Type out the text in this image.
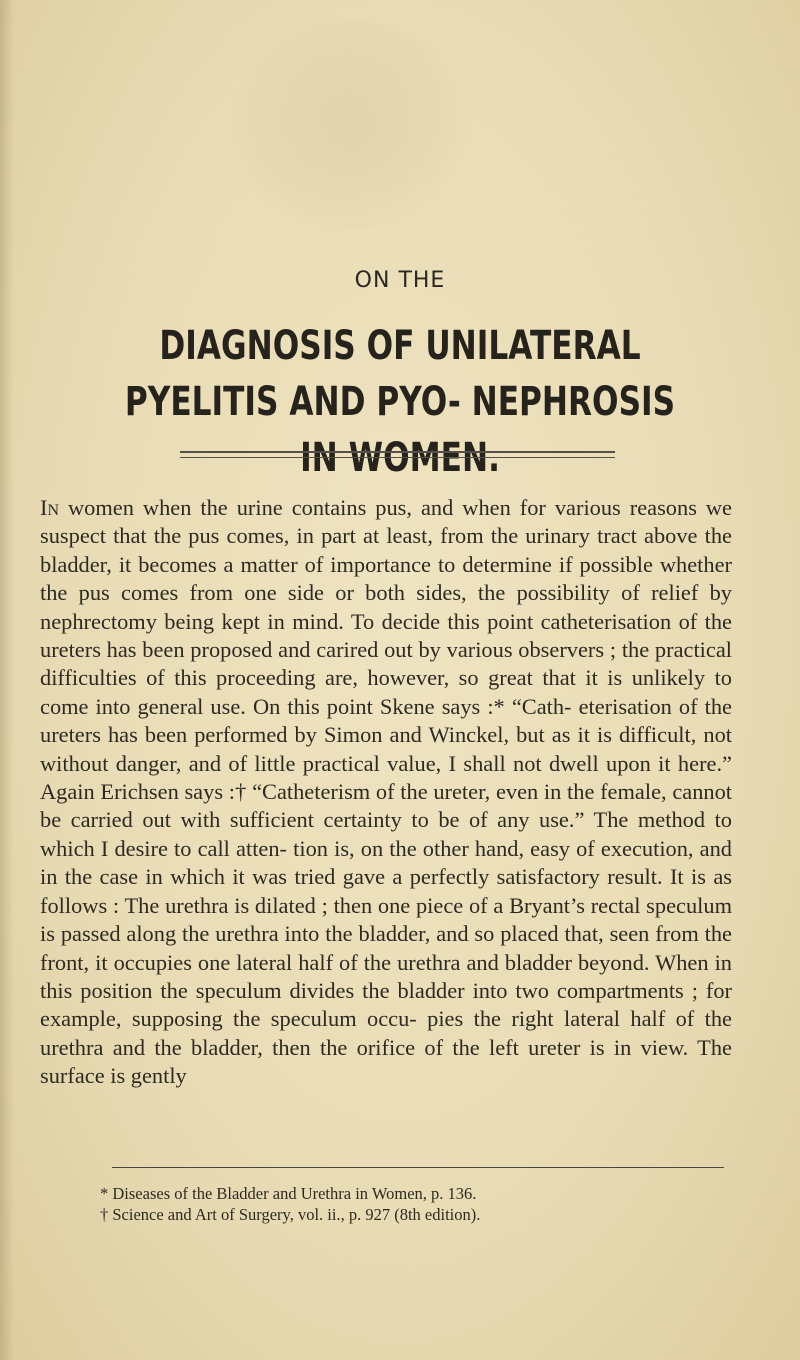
ON THE
DIAGNOSIS OF UNILATERAL PYELITIS AND PYO- NEPHROSIS IN WOMEN.
In women when the urine contains pus, and when for various reasons we suspect that the pus comes, in part at least, from the urinary tract above the bladder, it becomes a matter of importance to determine if possible whether the pus comes from one side or both sides, the possibility of relief by nephrectomy being kept in mind. To decide this point catheterisation of the ureters has been proposed and carired out by various observers ; the practical difficulties of this proceeding are, however, so great that it is unlikely to come into general use. On this point Skene says :* “Cath- eterisation of the ureters has been performed by Simon and Winckel, but as it is difficult, not without danger, and of little practical value, I shall not dwell upon it here.” Again Erichsen says :† “Catheterism of the ureter, even in the female, cannot be carried out with sufficient certainty to be of any use.” The method to which I desire to call atten- tion is, on the other hand, easy of execution, and in the case in which it was tried gave a perfectly satisfactory result. It is as follows : The urethra is dilated ; then one piece of a Bryant’s rectal speculum is passed along the urethra into the bladder, and so placed that, seen from the front, it occupies one lateral half of the urethra and bladder beyond. When in this position the speculum divides the bladder into two compartments ; for example, supposing the speculum occu- pies the right lateral half of the urethra and the bladder, then the orifice of the left ureter is in view. The surface is gently
* Diseases of the Bladder and Urethra in Women, p. 136.
† Science and Art of Surgery, vol. ii., p. 927 (8th edition).
